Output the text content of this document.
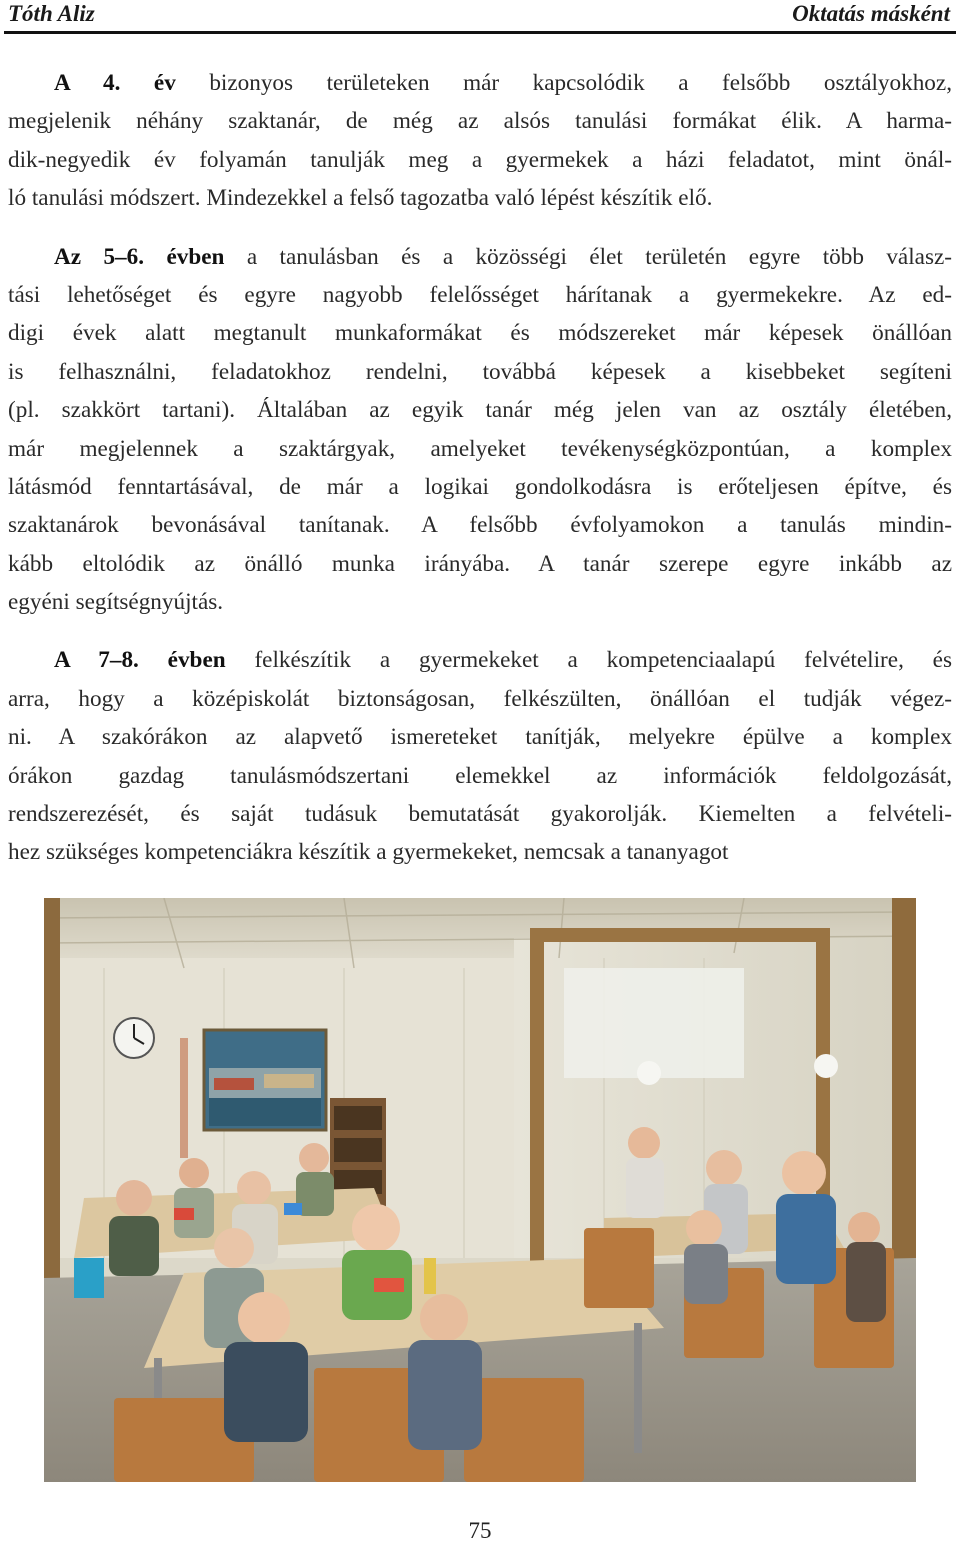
Tóth Aliz	Oktatás másként
A 4. év bizonyos területeken már kapcsolódik a felsőbb osztályokhoz,
megjelenik néhány szaktanár, de még az alsós tanulási formákat élik. A harma-
dik-negyedik év folyamán tanulják meg a gyermekek a házi feladatot, mint önál-
ló tanulási módszert. Mindezekkel a felső tagozatba való lépést készítik elő.
Az 5–6. évben a tanulásban és a közösségi élet területén egyre több válasz-
tási lehetőséget és egyre nagyobb felelősséget hárítanak a gyermekekre. Az ed-
digi évek alatt megtanult munkaformákat és módszereket már képesek önállóan
is felhasználni, feladatokhoz rendelni, továbbá képesek a kisebbeket segíteni
(pl. szakkört tartani). Általában az egyik tanár még jelen van az osztály életében,
már megjelennek a szaktárgyak, amelyeket tevékenységközpontúan, a komplex
látásmód fenntartásával, de már a logikai gondolkodásra is erőteljesen építve, és
szaktanárok bevonásával tanítanak. A felsőbb évfolyamokon a tanulás mindin-
kább eltolódik az önálló munka irányába. A tanár szerepe egyre inkább az
egyéni segítségnyújtás.
A 7–8. évben felkészítik a gyermekeket a kompetenciaalapú felvételire, és
arra, hogy a középiskolát biztonságosan, felkészülten, önállóan el tudják végez-
ni. A szakórákon az alapvető ismereteket tanítják, melyekre épülve a komplex
órákon gazdag tanulásmódszertani elemekkel az információk feldolgozását,
rendszerezését, és saját tudásuk bemutatását gyakorolják. Kiemelten a felvételi-
hez szükséges kompetenciákra készítik a gyermekeket, nemcsak a tananyagot
75
